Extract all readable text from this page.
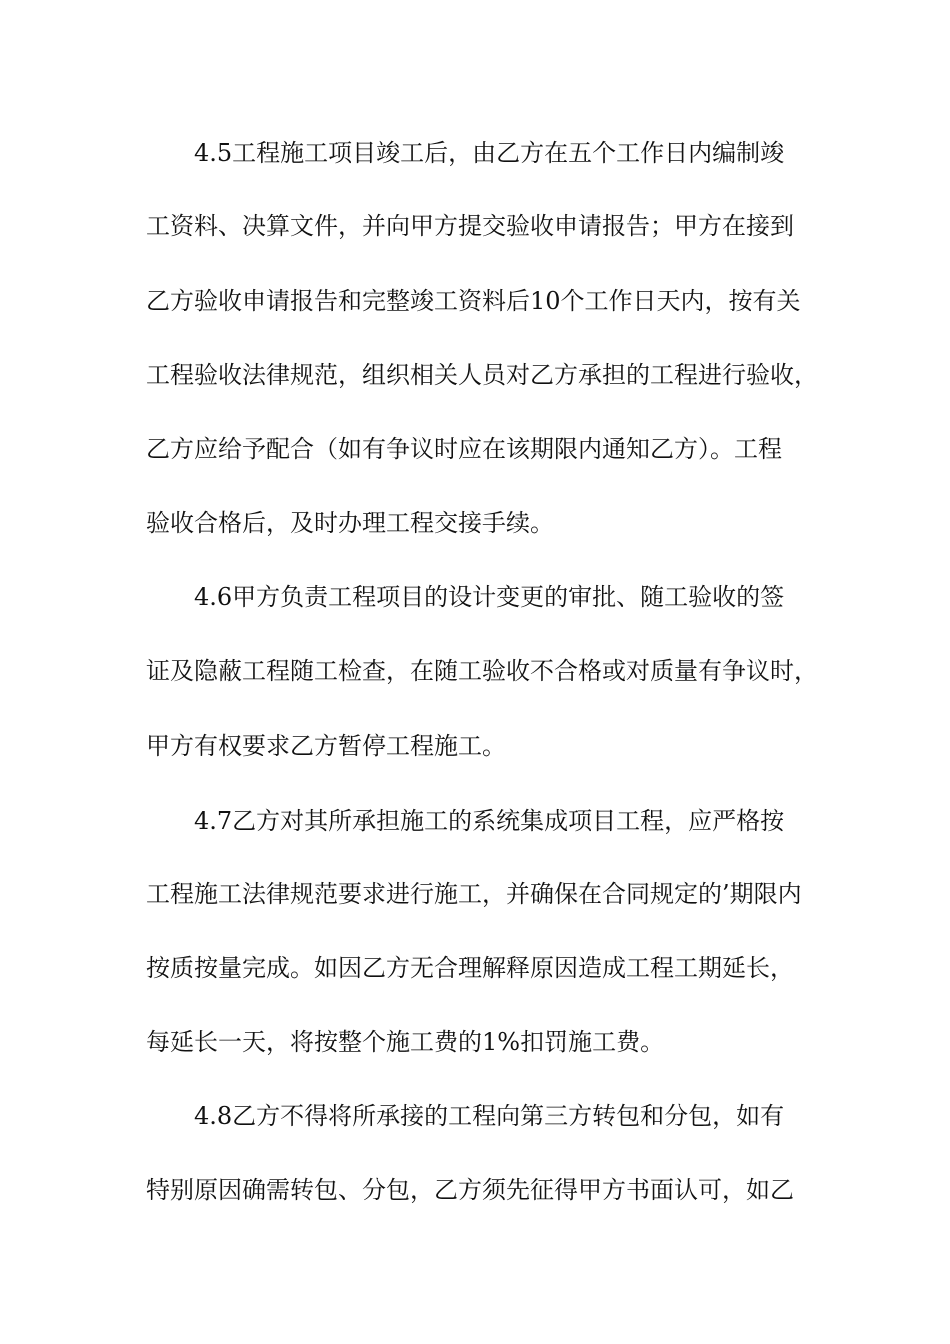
4.5工程施工项目竣工后，由乙方在五个工作日内编制竣
工资料、决算文件，并向甲方提交验收申请报告；甲方在接到
乙方验收申请报告和完整竣工资料后10个工作日天内，按有关
工程验收法律规范，组织相关人员对乙方承担的工程进行验收，
乙方应给予配合（如有争议时应在该期限内通知乙方）。工程
验收合格后，及时办理工程交接手续。
4.6甲方负责工程项目的设计变更的审批、随工验收的签
证及隐蔽工程随工检查，在随工验收不合格或对质量有争议时，
甲方有权要求乙方暂停工程施工。
4.7乙方对其所承担施工的系统集成项目工程，应严格按
工程施工法律规范要求进行施工，并确保在合同规定的’期限内
按质按量完成。如因乙方无合理解释原因造成工程工期延长，
每延长一天，将按整个施工费的1%扣罚施工费。
4.8乙方不得将所承接的工程向第三方转包和分包，如有
特别原因确需转包、分包，乙方须先征得甲方书面认可，如乙
